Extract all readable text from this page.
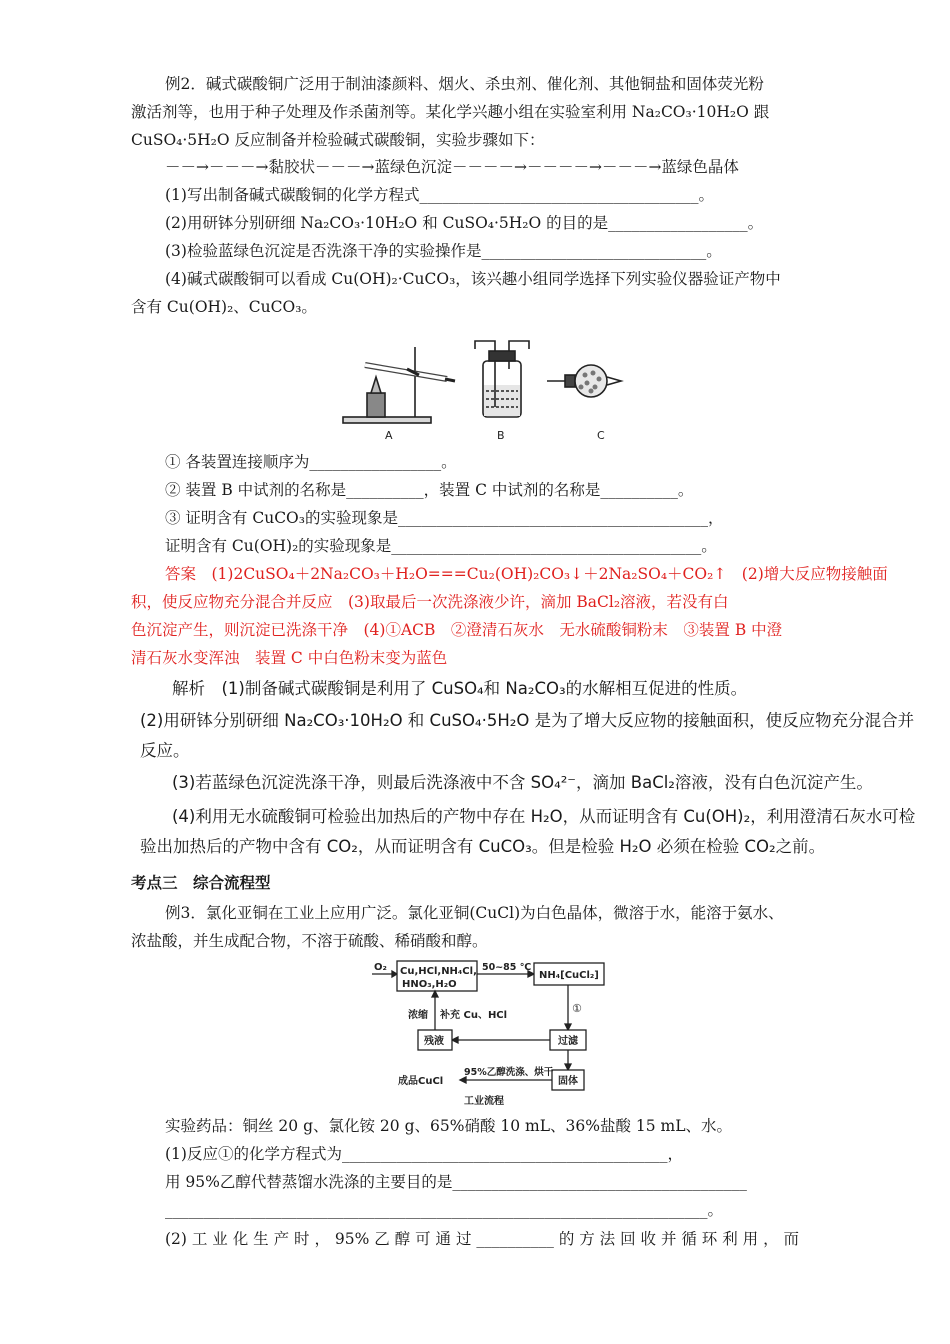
例2．碱式碳酸铜广泛用于制油漆颜料、烟火、杀虫剂、催化剂、其他铜盐和固体荧光粉
激活剂等，也用于种子处理及作杀菌剂等。某化学兴趣小组在实验室利用 Na₂CO₃·10H₂O 跟
CuSO₄·5H₂O 反应制备并检验碱式碳酸铜，实验步骤如下：
－－→－－－→黏胶状－－－→蓝绿色沉淀－－－－→－－－－→－－－→蓝绿色晶体
(1)写出制备碱式碳酸铜的化学方程式____________________________________。
(2)用研钵分别研细 Na₂CO₃·10H₂O 和 CuSO₄·5H₂O 的目的是__________________。
(3)检验蓝绿色沉淀是否洗涤干净的实验操作是_____________________________。
(4)碱式碳酸铜可以看成 Cu(OH)₂·CuCO₃，该兴趣小组同学选择下列实验仪器验证产物中
含有 Cu(OH)₂、CuCO₃。
A	B	C
① 各装置连接顺序为_________________。
② 装置 B 中试剂的名称是__________，装置 C 中试剂的名称是__________。
③ 证明含有 CuCO₃的实验现象是________________________________________，
证明含有 Cu(OH)₂的实验现象是________________________________________。
答案　(1)2CuSO₄＋2Na₂CO₃＋H₂O===Cu₂(OH)₂CO₃↓＋2Na₂SO₄＋CO₂↑　(2)增大反应物接触面
积，使反应物充分混合并反应　(3)取最后一次洗涤液少许，滴加 BaCl₂溶液，若没有白
色沉淀产生，则沉淀已洗涤干净　(4)①ACB　②澄清石灰水　无水硫酸铜粉末　③装置 B 中澄
清石灰水变浑浊　装置 C 中白色粉末变为蓝色
解析　(1)制备碱式碳酸铜是利用了 CuSO₄和 Na₂CO₃的水解相互促进的性质。
(2)用研钵分别研细 Na₂CO₃·10H₂O 和 CuSO₄·5H₂O 是为了增大反应物的接触面积，使反应物充分混合并
反应。
(3)若蓝绿色沉淀洗涤干净，则最后洗涤液中不含 SO₄²⁻，滴加 BaCl₂溶液，没有白色沉淀产生。
(4)利用无水硫酸铜可检验出加热后的产物中存在 H₂O，从而证明含有 Cu(OH)₂，利用澄清石灰水可检
验出加热后的产物中含有 CO₂，从而证明含有 CuCO₃。但是检验 H₂O 必须在检验 CO₂之前。
考点三　综合流程型
例3．氯化亚铜在工业上应用广泛。氯化亚铜(CuCl)为白色晶体，微溶于水，能溶于氨水、
浓盐酸，并生成配合物，不溶于硫酸、稀硝酸和醇。
O₂ Cu,HCl,NH₄Cl,
HNO₃,H₂O
50~85 ℃
NH₄[CuCl₂]
①
浓缩 补充 Cu、HCl
残液	过滤
95%乙醇洗涤、烘干
成品CuCl	固体
工业流程
实验药品：铜丝 20 g、氯化铵 20 g、65%硝酸 10 mL、36%盐酸 15 mL、水。
(1)反应①的化学方程式为__________________________________________，
用 95%乙醇代替蒸馏水洗涤的主要目的是______________________________________
______________________________________________________________________。
(2) 工 业 化 生 产 时 ， 95% 乙 醇 可 通 过 __________ 的 方 法 回 收 并 循 环 利 用 ， 而
